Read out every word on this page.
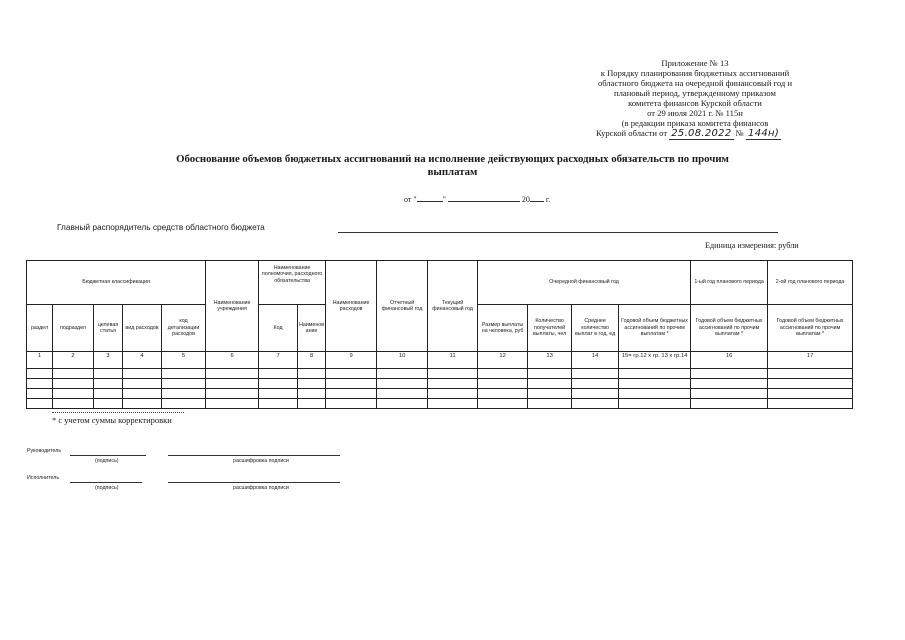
Приложение № 13
к Порядку планирования бюджетных ассигнований
областного бюджета на очередной финансовый год и
плановый период, утвержденному приказом
комитета финансов Курской области
от 29 июля 2021 г. № 115н
(в редакции приказа комитета финансов
Курской области от 25.08.2022 № 144н)
Обоснование объемов бюджетных ассигнований на исполнение действующих расходных обязательств по прочим выплатам
от "	"	20 г.
Главный распорядитель средств областного бюджета
Единица измерения: рубли
Бюджетная классификация					Наименование учреждения	Наименование полномочия, расходного обязательства		Наименование расходов	Отчетный финансовый год	Текущий финансовый год	Очередной финансовый год				1-ый год планового периода	2-ой год планового периода
раздел	подраздел	целевая статья	вид расходов	код детализации расходов		Код	Наименов ание				Размер выплаты на человека, руб	Количество получателей выплаты, чел	Среднее количество выплат в год, ед	Годовой объем бюджетных ассигнований по прочим выплатам *	Годовой объем бюджетных ассигнований по прочим выплатам *	Годовой объем бюджетных ассигнований по прочим выплатам *
1	2	3	4	5	6	7	8	9	10	11	12	13	14	15= гр.12 х гр. 13 х гр.14	16	17

* с учетом суммы корректировки
Руководитель
(подпись)	расшифровка подписи
Исполнитель
(подпись)	расшифровка подписи
